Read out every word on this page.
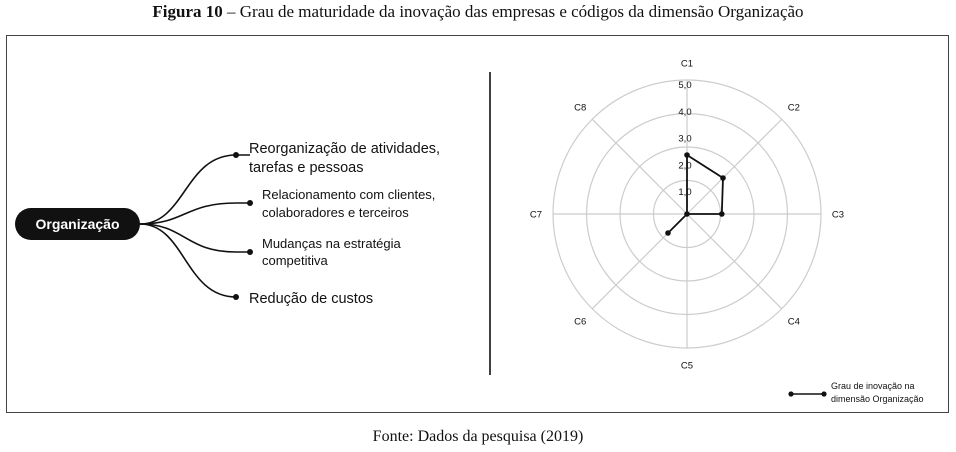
Figura 10 – Grau de maturidade da inovação das empresas e códigos da dimensão Organização
Organização
Reorganização de atividades,
tarefas e pessoas
Relacionamento com clientes,
colaboradores e terceiros
Mudanças na estratégia
competitiva
Redução de custos
C1
C2
C3
C4
C5
C6
C7
C8
1,0
2,0
3,0
4,0
5,0
Grau de inovação na
dimensão Organização
Fonte: Dados da pesquisa (2019)
